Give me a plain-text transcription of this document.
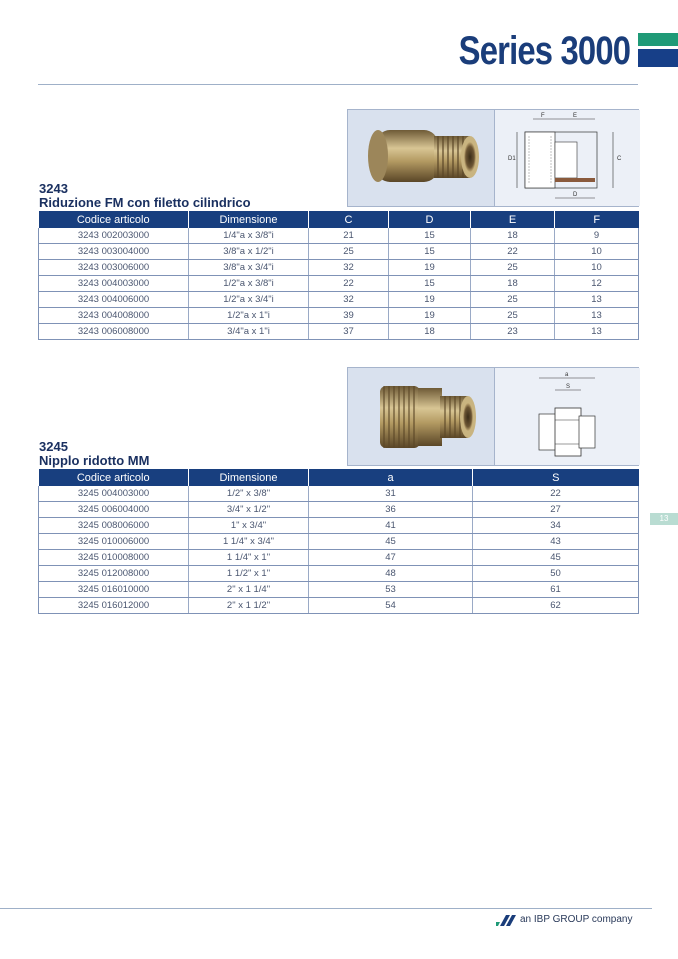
Series 3000
F	E
D1	C
D
3243
Riduzione FM con filetto cilindrico
Codice articolo	Dimensione	C	D	E	F
3243 002003000	1/4"a x 3/8"i	21	15	18	9
3243 003004000	3/8"a x 1/2"i	25	15	22	10
3243 003006000	3/8"a x 3/4"i	32	19	25	10
3243 004003000	1/2"a x 3/8"i	22	15	18	12
3243 004006000	1/2"a x 3/4"i	32	19	25	13
3243 004008000	1/2"a x 1"i	39	19	25	13
3243 006008000	3/4"a x 1"i	37	18	23	13
a
S
3245
Nipplo ridotto MM
Codice articolo	Dimensione	a	S
3245 004003000	1/2" x 3/8"	31	22
3245 006004000	3/4" x 1/2"	36	27
3245 008006000	1" x 3/4"	41	34
3245 010006000	1 1/4" x 3/4"	45	43
3245 010008000	1 1/4" x 1"	47	45
3245 012008000	1 1/2" x 1"	48	50
3245 016010000	2" x 1 1/4"	53	61
3245 016012000	2" x 1 1/2"	54	62
13
an IBP GROUP company
